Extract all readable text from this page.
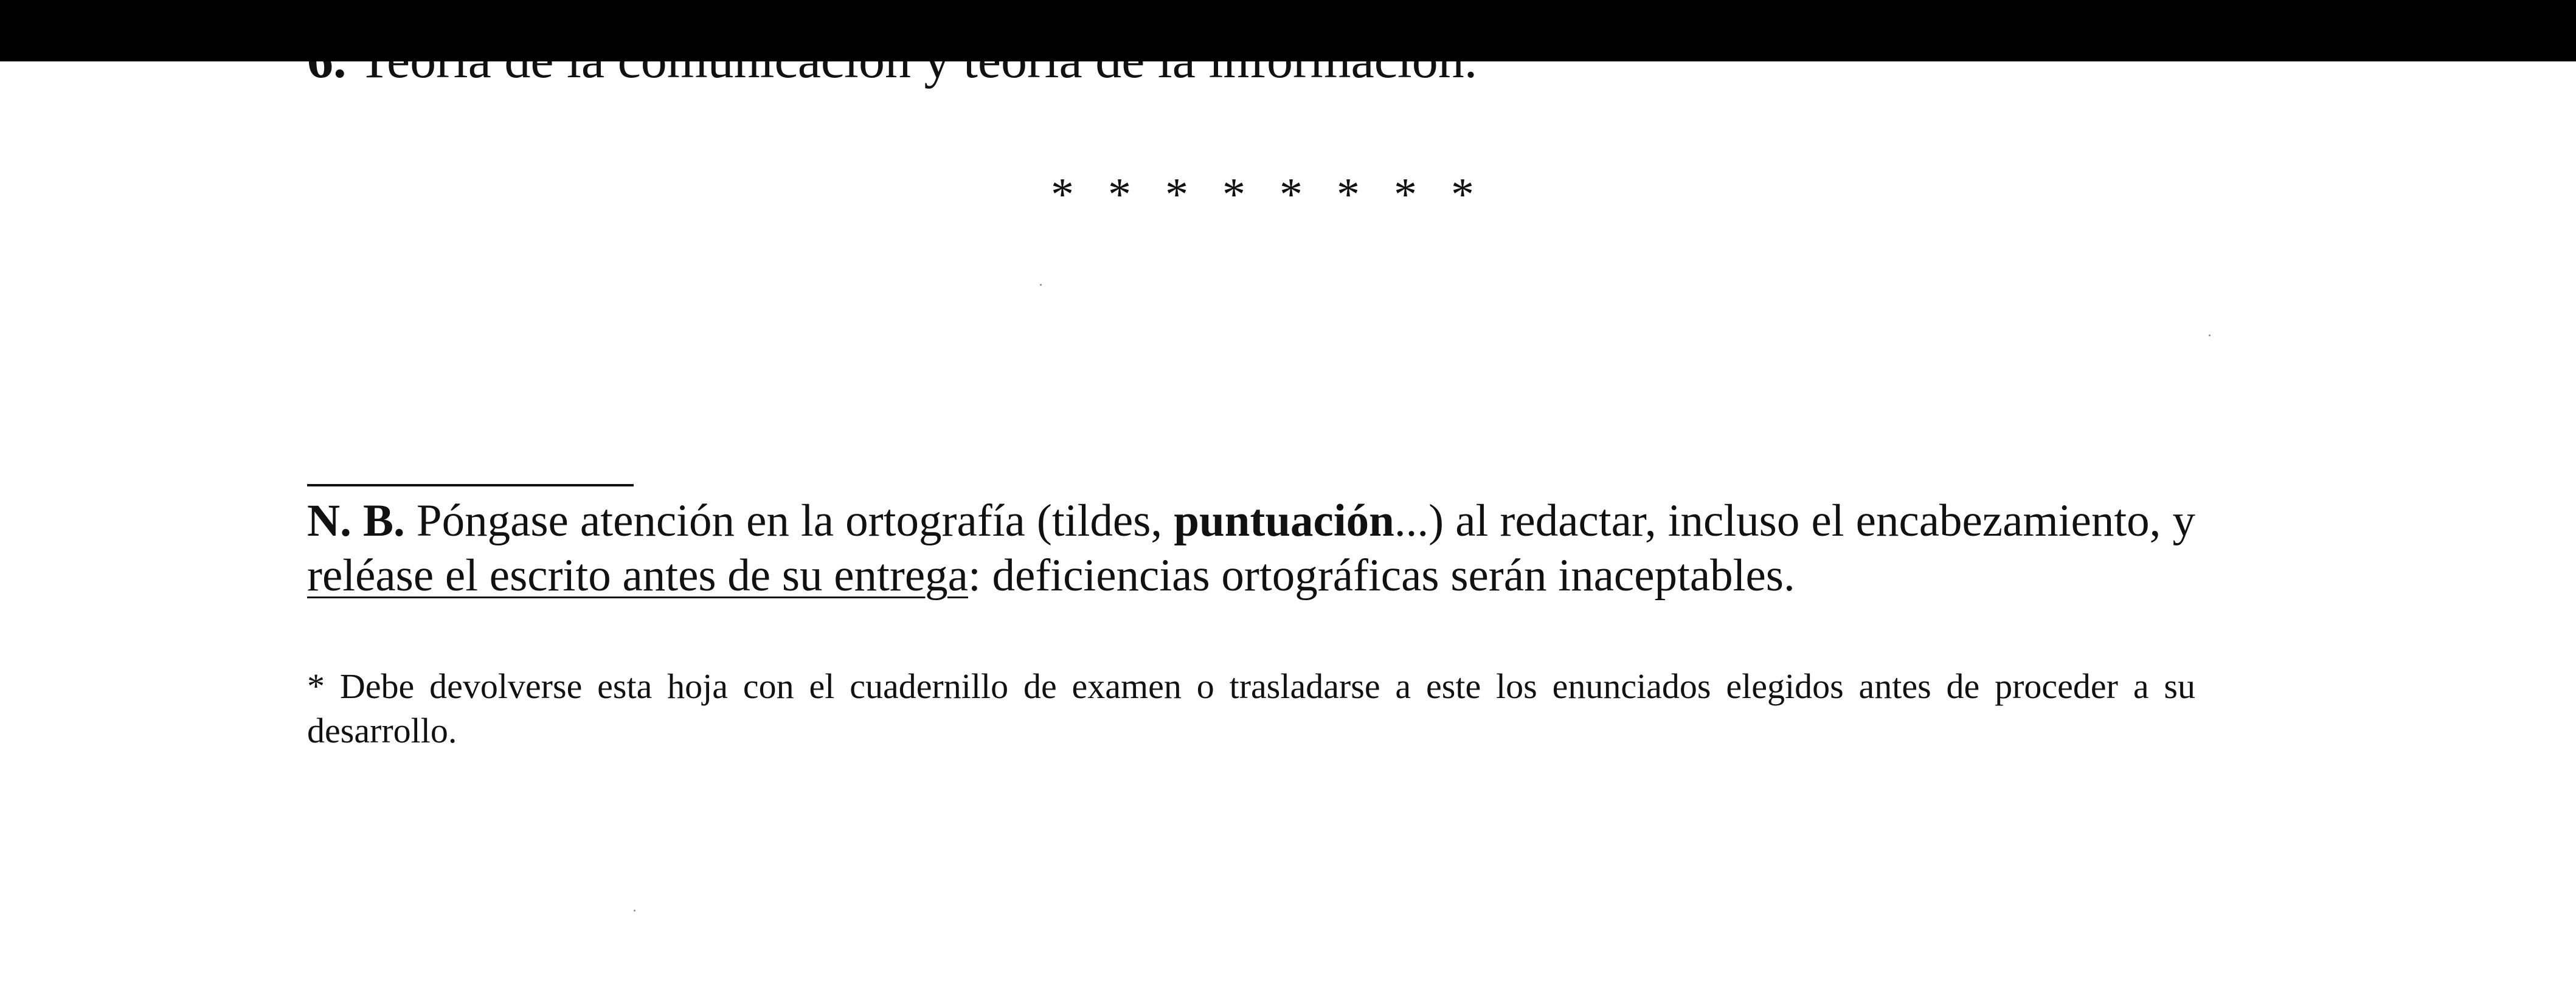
* * * * * * * *
N. B. Póngase atención en la ortografía (tildes, puntuación...) al redactar, incluso el encabezamiento, y reléase el escrito antes de su entrega: deficiencias ortográficas serán inaceptables.
* Debe devolverse esta hoja con el cuadernillo de examen o trasladarse a este los enunciados elegidos antes de proceder a su desarrollo.
